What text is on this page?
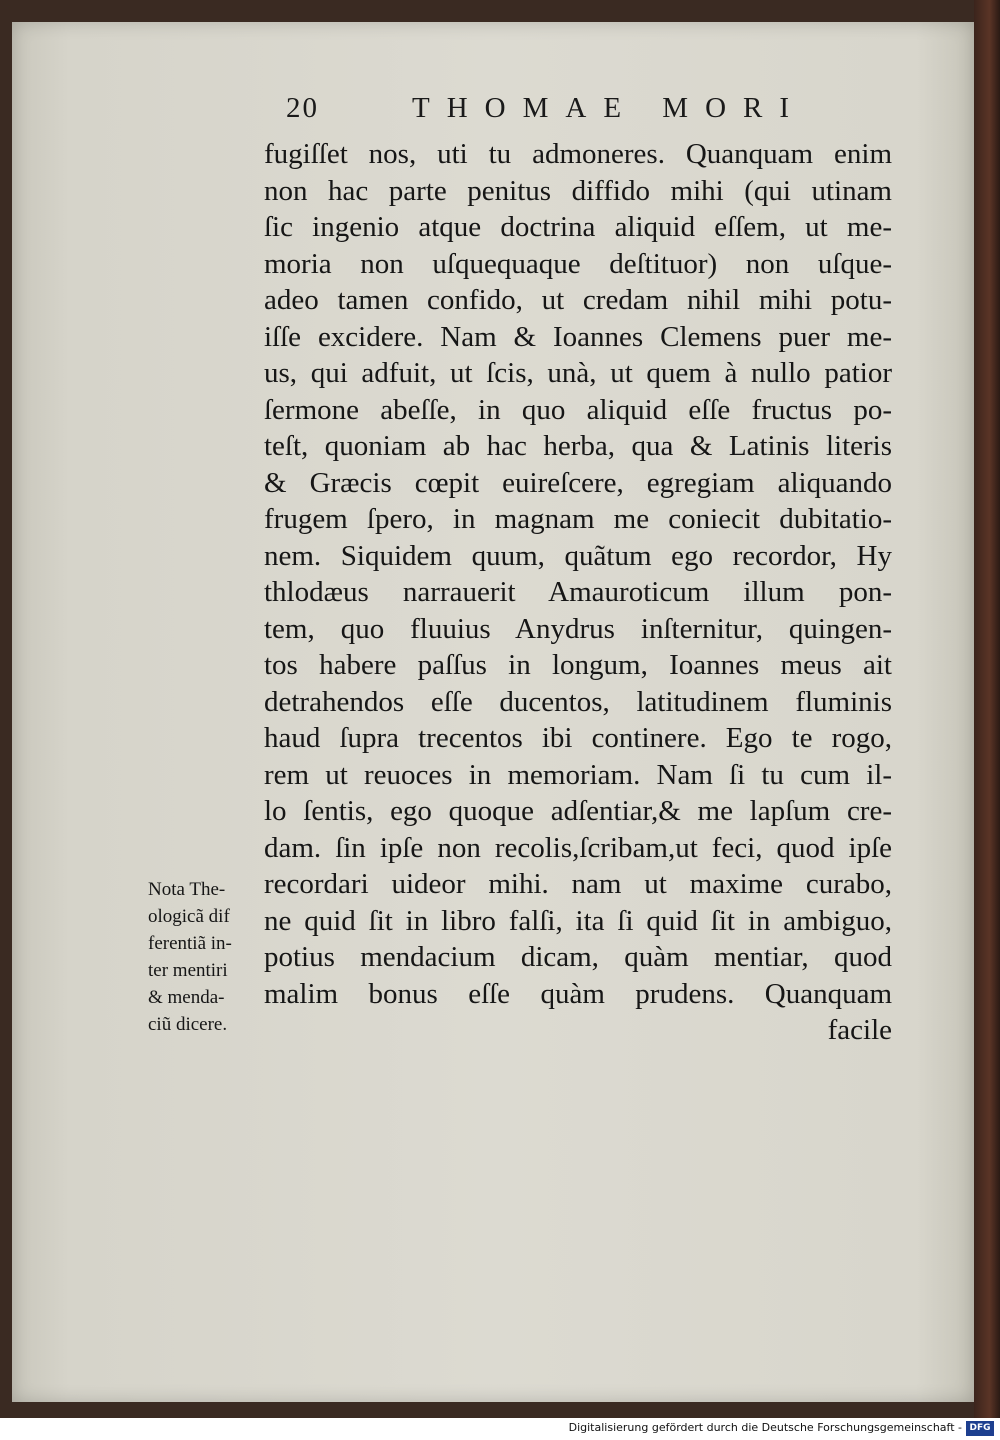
20	THOMAE MORI
fugiſſet nos, uti tu admoneres. Quanquam enim
non hac parte penitus diffido mihi (qui utinam
ſic ingenio atque doctrina aliquid eſſem, ut me-
moria non uſquequaque deſtituor) non uſque-
adeo tamen confido, ut credam nihil mihi potu-
iſſe excidere. Nam & Ioannes Clemens puer me-
us, qui adfuit, ut ſcis, unà, ut quem à nullo patior
ſermone abeſſe, in quo aliquid eſſe fructus po-
teſt, quoniam ab hac herba, qua & Latinis literis
& Græcis cœpit euireſcere, egregiam aliquando
frugem ſpero, in magnam me coniecit dubitatio-
nem. Siquidem quum, quãtum ego recordor, Hy
thlodæus narrauerit Amauroticum illum pon-
tem, quo fluuius Anydrus inſternitur, quingen-
tos habere paſſus in longum, Ioannes meus ait
detrahendos eſſe ducentos, latitudinem fluminis
haud ſupra trecentos ibi continere. Ego te rogo,
rem ut reuoces in memoriam. Nam ſi tu cum il-
lo ſentis, ego quoque adſentiar,& me lapſum cre-
dam. ſin ipſe non recolis,ſcribam,ut feci, quod ipſe
recordari uideor mihi. nam ut maxime curabo,
ne quid ſit in libro falſi, ita ſi quid ſit in ambiguo,
potius mendacium dicam, quàm mentiar, quod
malim bonus eſſe quàm prudens. Quanquam
facile
Nota The-
ologicã dif
ferentiã in-
ter mentiri
& menda-
ciũ dicere.
Digitalisierung gefördert durch die Deutsche Forschungsgemeinschaft - DFG
